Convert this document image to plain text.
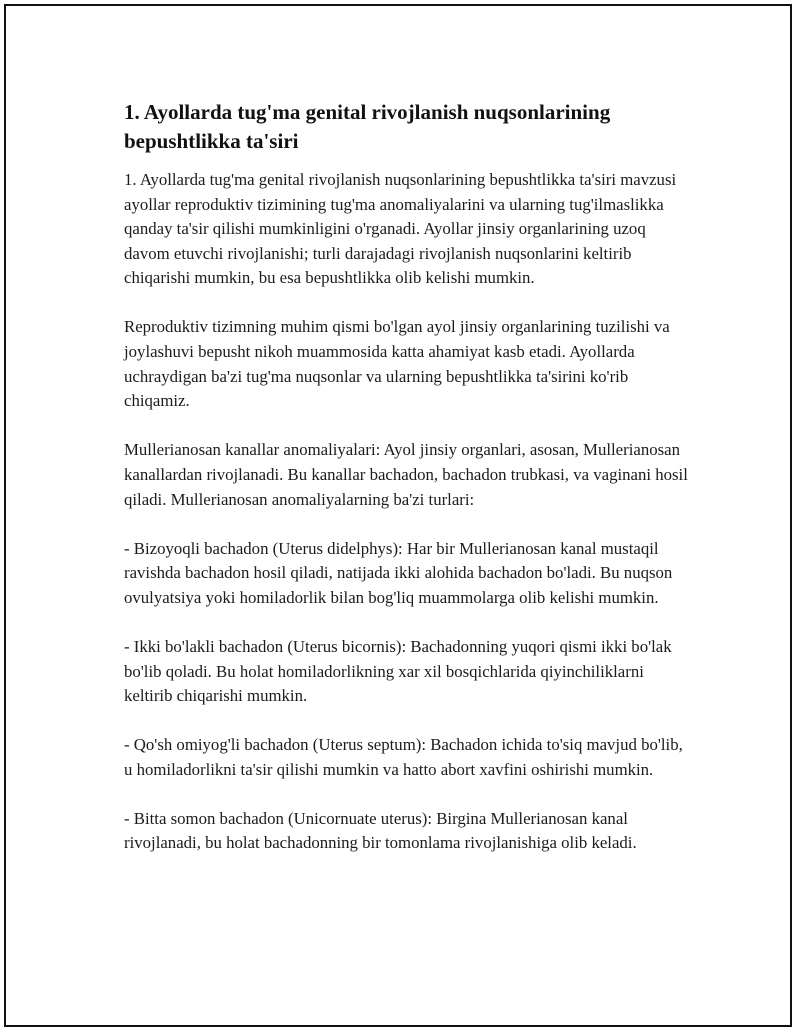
1. Ayollarda tug'ma genital rivojlanish nuqsonlarining bepushtlikka ta'siri

1. Ayollarda tug'ma genital rivojlanish nuqsonlarining bepushtlikka ta'siri mavzusi ayollar reproduktiv tizimining tug'ma anomaliyalarini va ularning tug'ilmaslikka qanday ta'sir qilishi mumkinligini o'rganadi. Ayollar jinsiy organlarining uzoq davom etuvchi rivojlanishi; turli darajadagi rivojlanish nuqsonlarini keltirib chiqarishi mumkin, bu esa bepushtlikka olib kelishi mumkin.

Reproduktiv tizimning muhim qismi bo'lgan ayol jinsiy organlarining tuzilishi va joylashuvi bepusht nikoh muammosida katta ahamiyat kasb etadi. Ayollarda uchraydigan ba'zi tug'ma nuqsonlar va ularning bepushtlikka ta'sirini ko'rib chiqamiz.

Mullerianosan kanallar anomaliyalari: Ayol jinsiy organlari, asosan, Mullerianosan kanallardan rivojlanadi. Bu kanallar bachadon, bachadon trubkasi, va vaginani hosil qiladi. Mullerianosan anomaliyalarning ba'zi turlari:

- Bizoyoqli bachadon (Uterus didelphys): Har bir Mullerianosan kanal mustaqil ravishda bachadon hosil qiladi, natijada ikki alohida bachadon bo'ladi. Bu nuqson ovulyatsiya yoki homiladorlik bilan bog'liq muammolarga olib kelishi mumkin.

- Ikki bo'lakli bachadon (Uterus bicornis): Bachadonning yuqori qismi ikki bo'lak bo'lib qoladi. Bu holat homiladorlikning xar xil bosqichlarida qiyinchiliklarni keltirib chiqarishi mumkin.

- Qo'sh omiyog'li bachadon (Uterus septum): Bachadon ichida to'siq mavjud bo'lib, u homiladorlikni ta'sir qilishi mumkin va hatto abort xavfini oshirishi mumkin.

- Bitta somon bachadon (Unicornuate uterus): Birgina Mullerianosan kanal rivojlanadi, bu holat bachadonning bir tomonlama rivojlanishiga olib keladi.
